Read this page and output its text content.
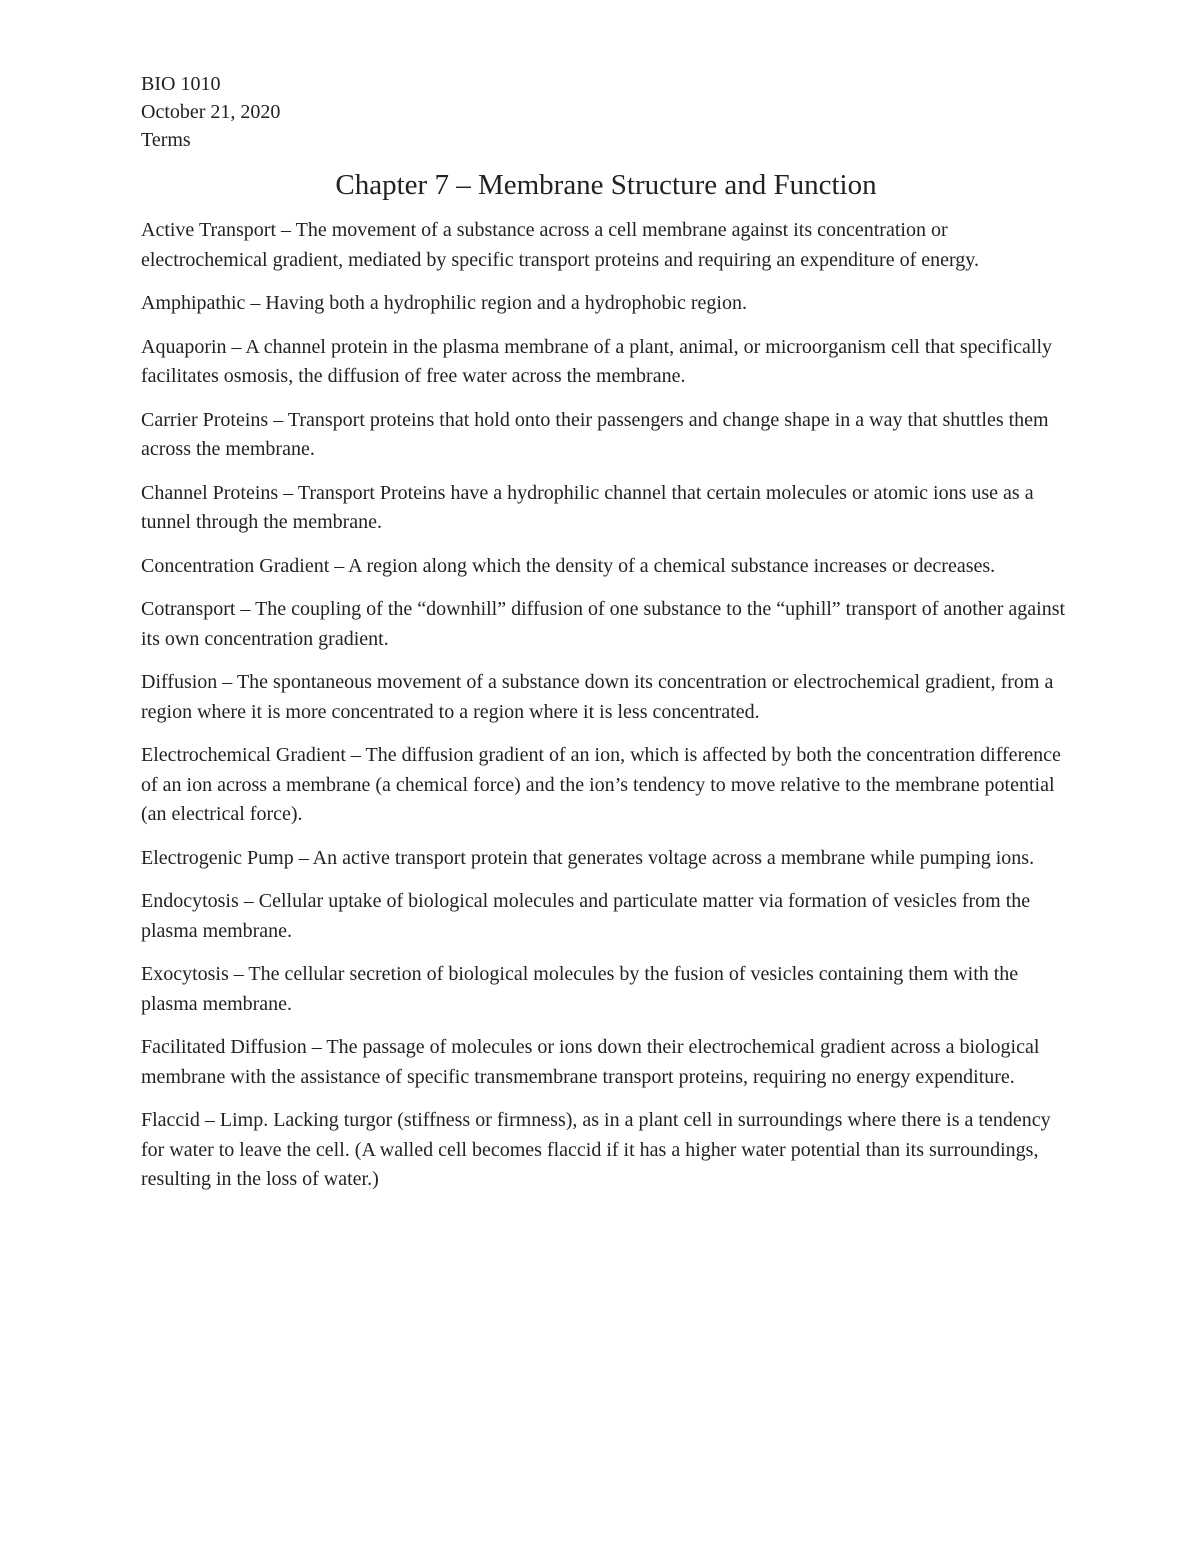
BIO 1010

October 21, 2020

Terms

Chapter 7 – Membrane Structure and Function

Active Transport – The movement of a substance across a cell membrane against its concentration or electrochemical gradient, mediated by specific transport proteins and requiring an expenditure of energy.

Amphipathic – Having both a hydrophilic region and a hydrophobic region.

Aquaporin – A channel protein in the plasma membrane of a plant, animal, or microorganism cell that specifically facilitates osmosis, the diffusion of free water across the membrane.

Carrier Proteins – Transport proteins that hold onto their passengers and change shape in a way that shuttles them across the membrane.

Channel Proteins – Transport Proteins have a hydrophilic channel that certain molecules or atomic ions use as a tunnel through the membrane.

Concentration Gradient – A region along which the density of a chemical substance increases or decreases.

Cotransport – The coupling of the “downhill” diffusion of one substance to the “uphill” transport of another against its own concentration gradient.

Diffusion – The spontaneous movement of a substance down its concentration or electrochemical gradient, from a region where it is more concentrated to a region where it is less concentrated.

Electrochemical Gradient – The diffusion gradient of an ion, which is affected by both the concentration difference of an ion across a membrane (a chemical force) and the ion’s tendency to move relative to the membrane potential (an electrical force).

Electrogenic Pump – An active transport protein that generates voltage across a membrane while pumping ions.

Endocytosis – Cellular uptake of biological molecules and particulate matter via formation of vesicles from the plasma membrane.

Exocytosis – The cellular secretion of biological molecules by the fusion of vesicles containing them with the plasma membrane.

Facilitated Diffusion – The passage of molecules or ions down their electrochemical gradient across a biological membrane with the assistance of specific transmembrane transport proteins, requiring no energy expenditure.

Flaccid – Limp. Lacking turgor (stiffness or firmness), as in a plant cell in surroundings where there is a tendency for water to leave the cell. (A walled cell becomes flaccid if it has a higher water potential than its surroundings, resulting in the loss of water.)
